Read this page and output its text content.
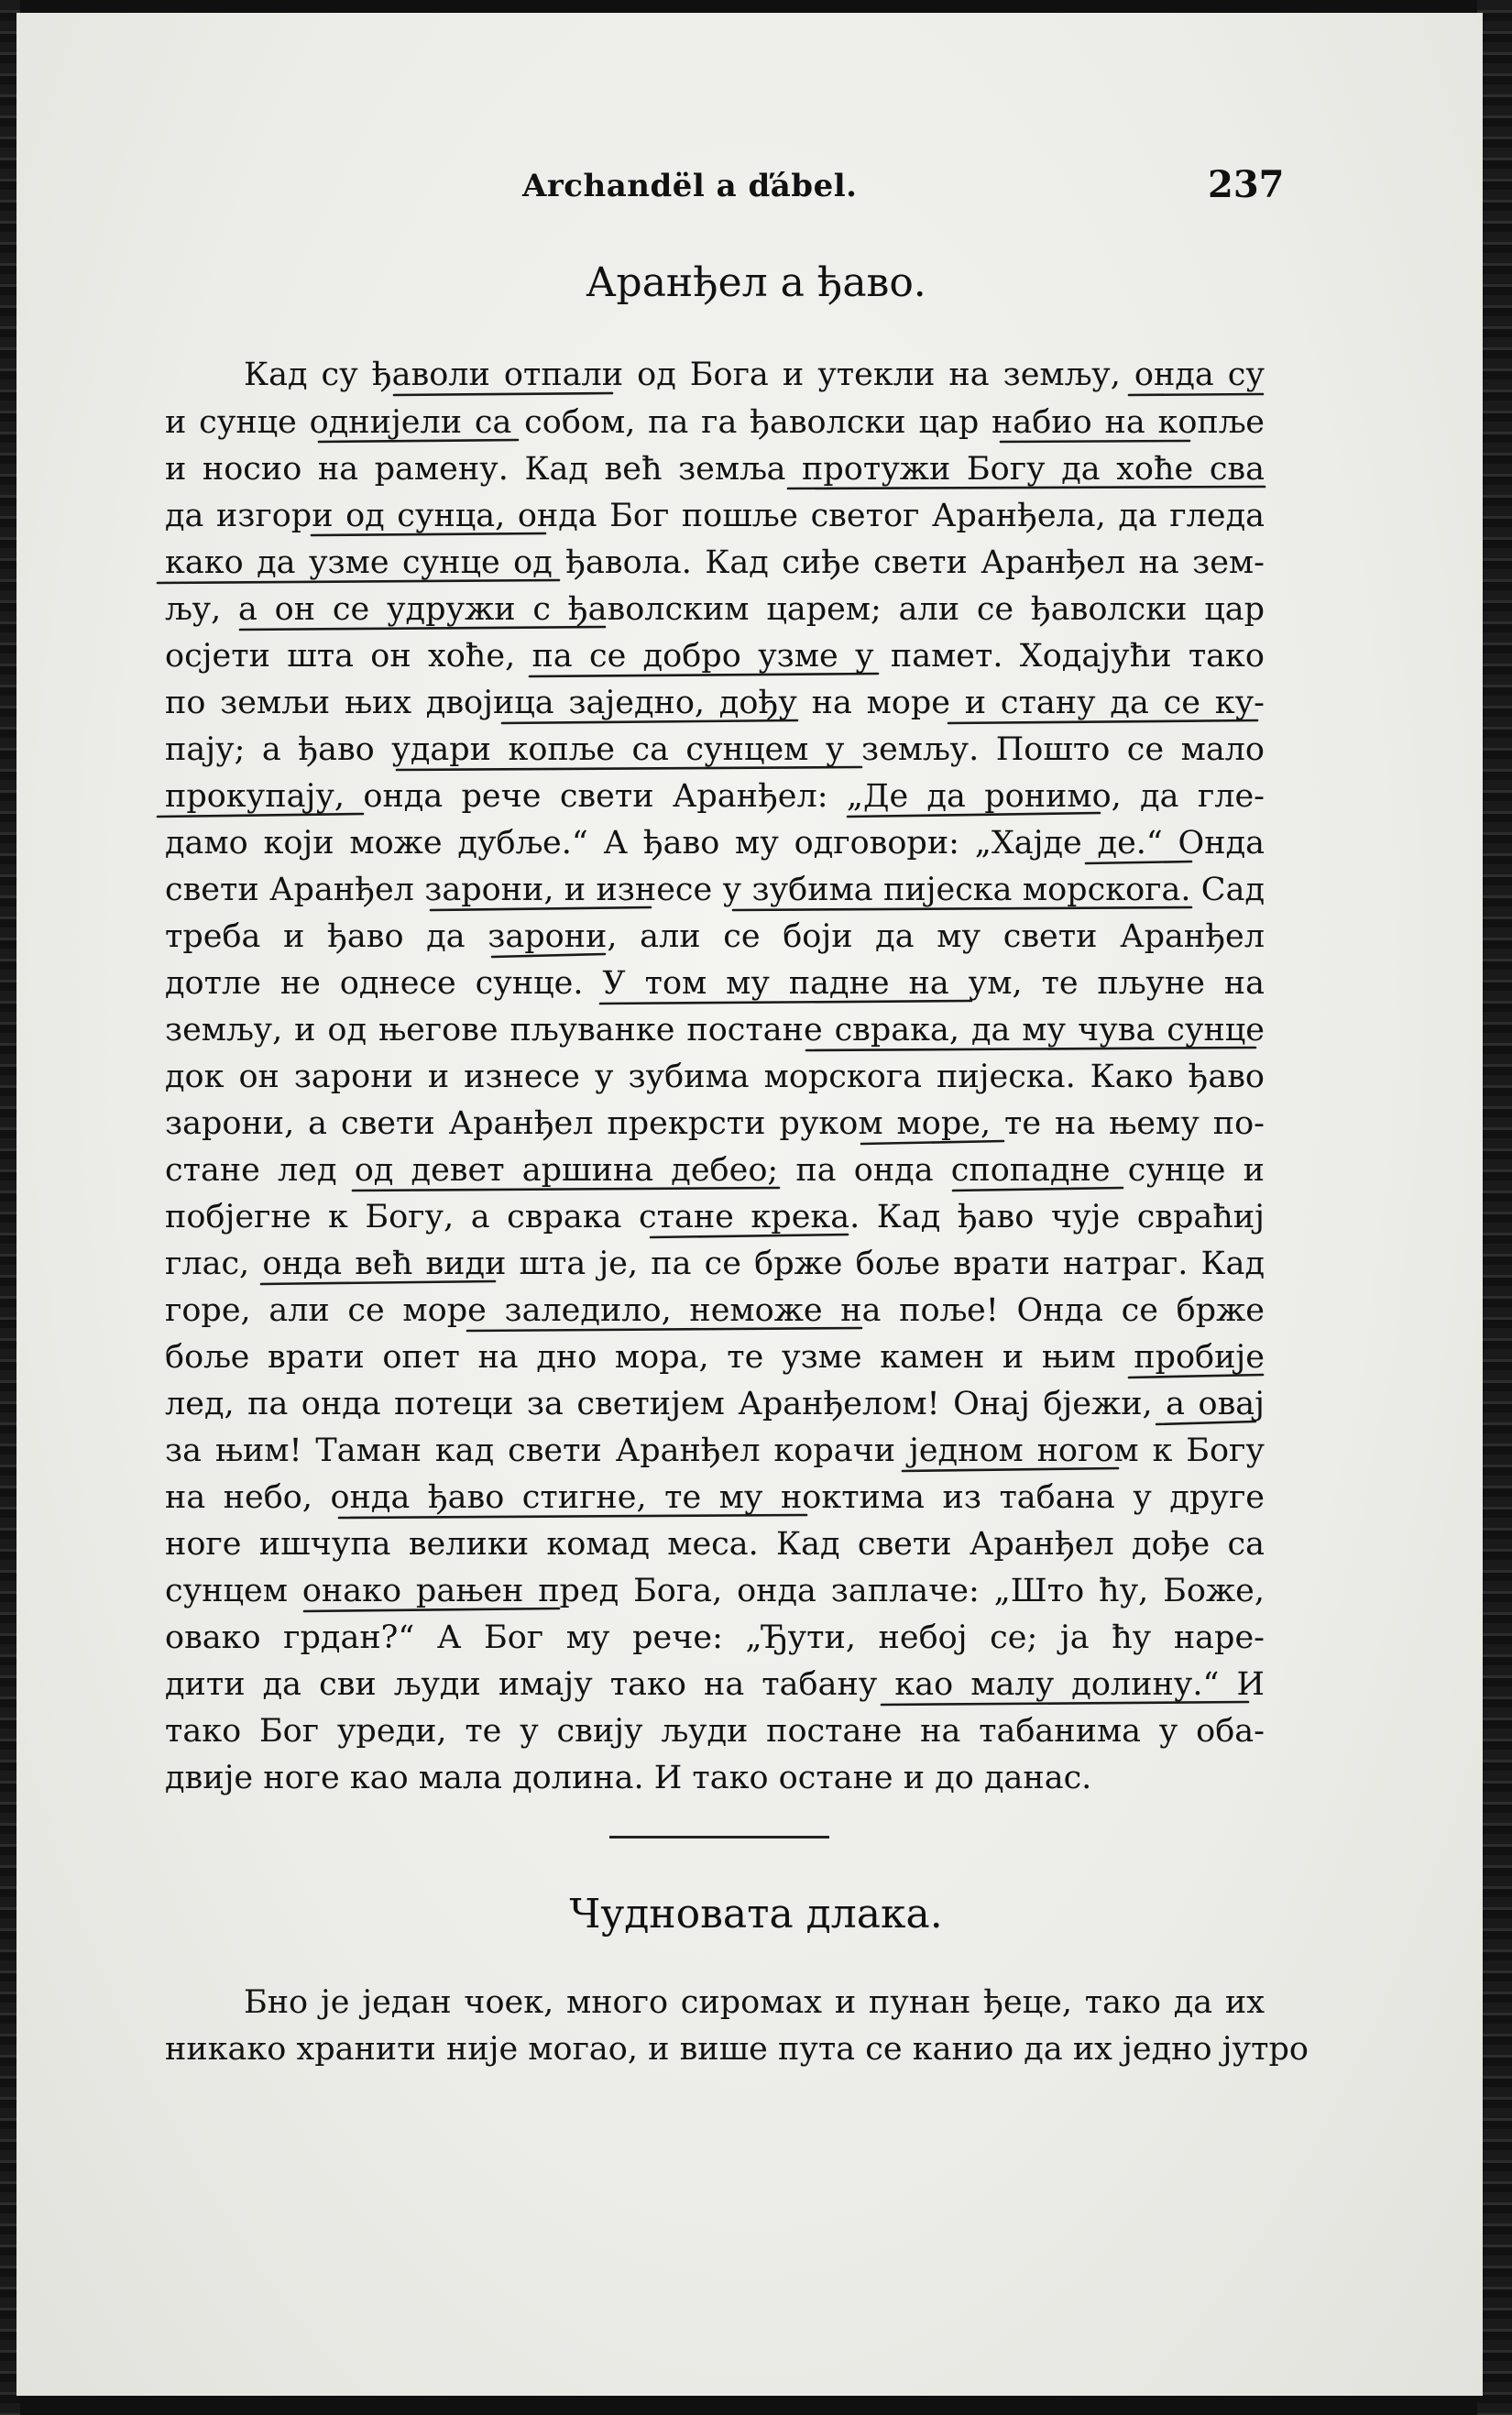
Archandël a ďábel.	237
Аранђел а ђаво.
Кад су ђаволи отпали од Бога и утекли на земљу, онда су
и сунце однијели са собом, па га ђаволски цар набио на копље
и носио на рамену. Кад веħ земља протужи Богу да хоħе сва
да изгори од сунца, онда Бог пошље светог Аранђела, да гледа
како да узме сунце од ђавола. Кад сиђе свети Аранђел на зем-
љу, а он се удружи с ђаволским царем; али се ђаволски цар
осјети шта он хоħе, па се добро узме у памет. Ходајуħи тако
по земљи њих двојица заједно, дођу на море и стану да се ку-
пају; а ђаво удари копље са сунцем у земљу. Пошто се мало
прокупају, онда рече свети Аранђел: „Де да ронимо, да гле-
дамо који може дубље.“ А ђаво му одговори: „Хајде де.“ Онда
свети Аранђел зарони, и изнесе у зубима пијеска морскога. Сад
треба и ђаво да зарони, али се боји да му свети Аранђел
дотле не однесе сунце. У том му падне на ум, те пљуне на
земљу, и од његове пљуванке постане сврака, да му чува сунце
док он зарони и изнесе у зубима морскога пијеска. Како ђаво
зарони, а свети Аранђел прекрсти руком море, те на њему по-
стане лед од девет аршина дебео; па онда спопадне сунце и
побјегне к Богу, а сврака стане крека. Кад ђаво чује свраħиј
глас, онда веħ види шта је, па се брже боље врати натраг. Кад
горе, али се море заледило, неможе на поље! Онда се брже
боље врати опет на дно мора, те узме камен и њим пробије
лед, па онда потеци за светијем Аранђелом! Онај бјежи, а овај
за њим! Таман кад свети Аранђел корачи једном ногом к Богу
на небо, онда ђаво стигне, те му ноктима из табана у друге
ноге ишчупа велики комад меса. Кад свети Аранђел дође са
сунцем онако рањен пред Бога, онда заплаче: „Што ħу, Боже,
овако грдан?“ А Бог му рече: „Ђути, небој се; ја ħу наре-
дити да сви људи имају тако на табану као малу долину.“ И
тако Бог уреди, те у свију људи постане на табанима у оба-
двије ноге као мала долина. И тако остане и до данас.
Чудновата длака.
Бно је један чоек, много сиромах и пунан ђеце, тако да их
никако хранити није могао, и више пута се канио да их једно јутро
